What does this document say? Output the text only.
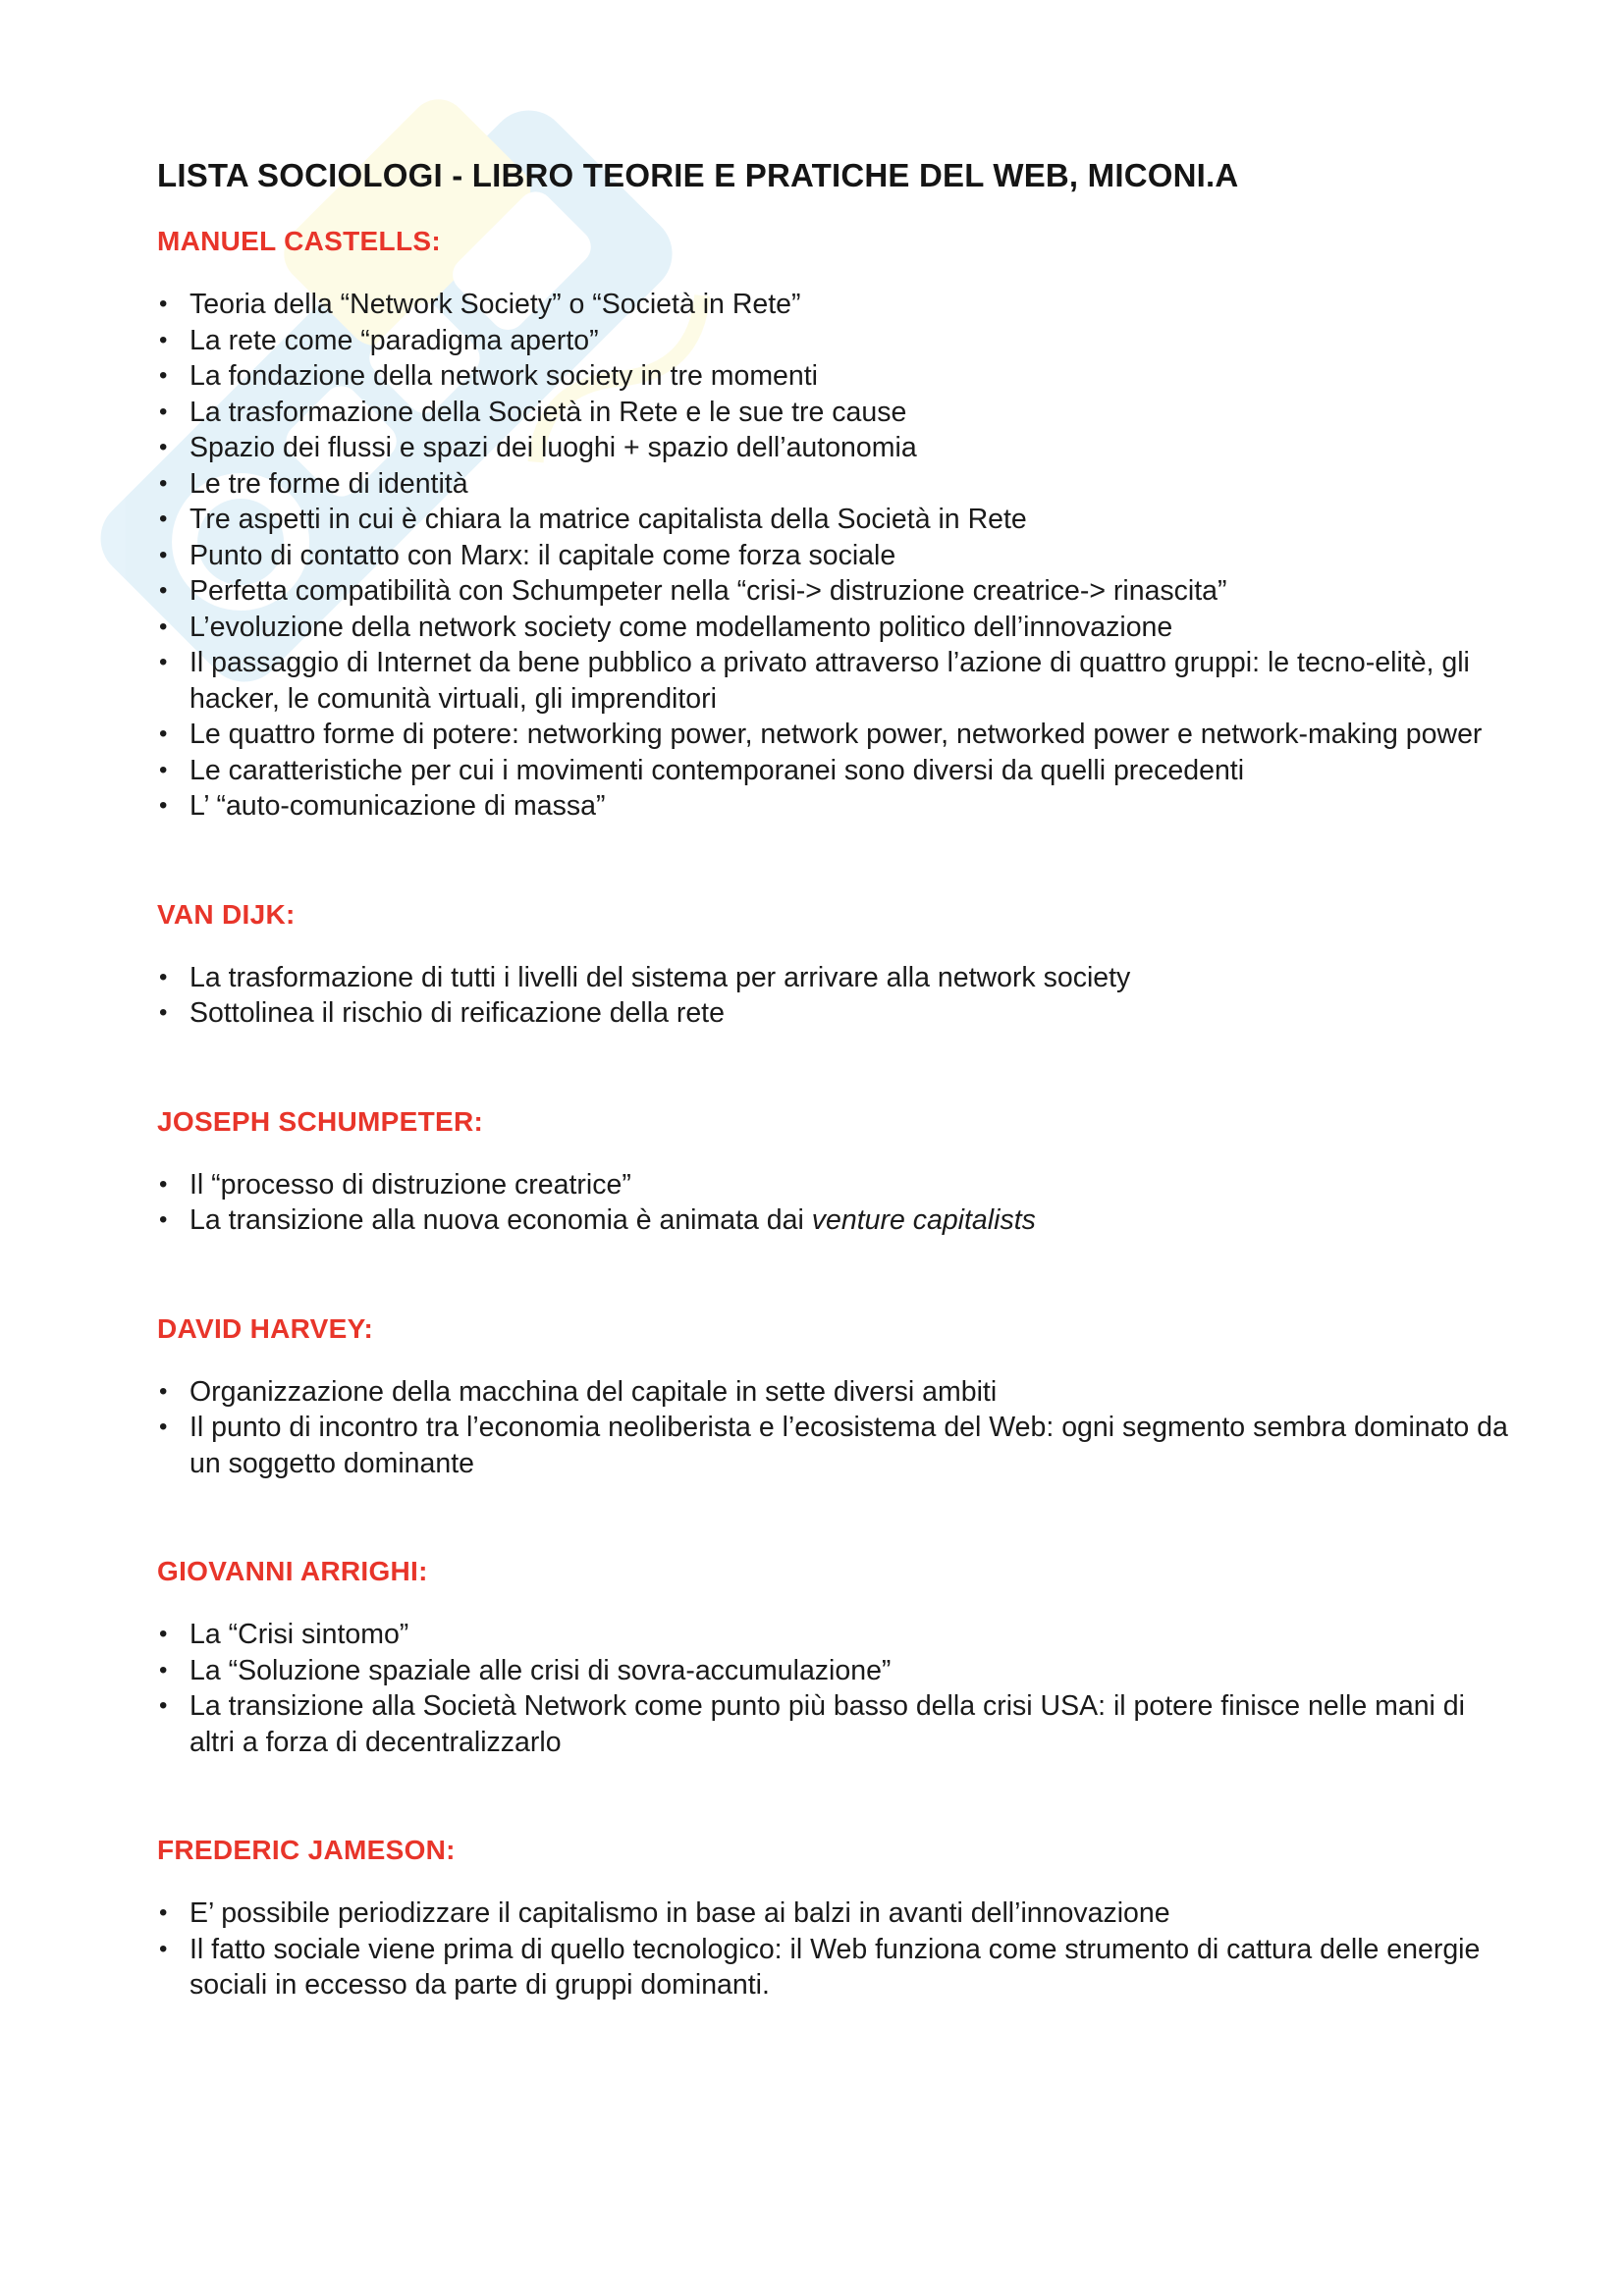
LISTA SOCIOLOGI - LIBRO TEORIE E PRATICHE DEL WEB, MICONI.A
MANUEL CASTELLS:
• Teoria della “Network Society” o “Società in Rete”
• La rete come “paradigma aperto”
• La fondazione della network society in tre momenti
• La trasformazione della Società in Rete e le sue tre cause
• Spazio dei flussi e spazi dei luoghi + spazio dell’autonomia
• Le tre forme di identità
• Tre aspetti in cui è chiara la matrice capitalista della Società in Rete
• Punto di contatto con Marx: il capitale come forza sociale
• Perfetta compatibilità con Schumpeter nella “crisi-> distruzione creatrice-> rinascita”
• L’evoluzione della network society come modellamento politico dell’innovazione
• Il passaggio di Internet da bene pubblico a privato attraverso l’azione di quattro gruppi: le tecno-elitè, gli hacker, le comunità virtuali, gli imprenditori
• Le quattro forme di potere: networking power, network power, networked power e network-making power
• Le caratteristiche per cui i movimenti contemporanei sono diversi da quelli precedenti
• L’ “auto-comunicazione di massa”
VAN DIJK:
• La trasformazione di tutti i livelli del sistema per arrivare alla network society
• Sottolinea il rischio di reificazione della rete
JOSEPH SCHUMPETER:
• Il “processo di distruzione creatrice”
• La transizione alla nuova economia è animata dai venture capitalists
DAVID HARVEY:
• Organizzazione della macchina del capitale in sette diversi ambiti
• Il punto di incontro tra l’economia neoliberista e l’ecosistema del Web: ogni segmento sembra dominato da un soggetto dominante
GIOVANNI ARRIGHI:
• La “Crisi sintomo”
• La “Soluzione spaziale alle crisi di sovra-accumulazione”
• La transizione alla Società Network come punto più basso della crisi USA: il potere finisce nelle mani di altri a forza di decentralizzarlo
FREDERIC JAMESON:
• E’ possibile periodizzare il capitalismo in base ai balzi in avanti dell’innovazione
• Il fatto sociale viene prima di quello tecnologico: il Web funziona come strumento di cattura delle energie sociali in eccesso da parte di gruppi dominanti.
